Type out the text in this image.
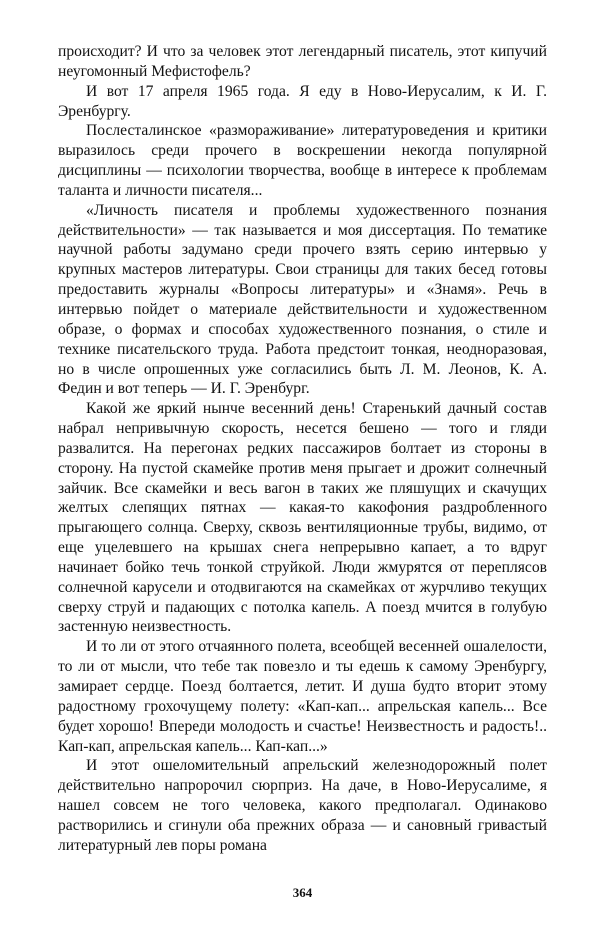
происходит? И что за человек этот легендарный писатель, этот кипучий неугомонный Мефистофель?

И вот 17 апреля 1965 года. Я еду в Ново-Иерусалим, к И. Г. Эренбургу.

Послесталинское «размораживание» литературоведения и критики выразилось среди прочего в воскрешении некогда популярной дисциплины — психологии творчества, вообще в интересе к проблемам таланта и личности писателя...

«Личность писателя и проблемы художественного познания действительности» — так называется и моя диссертация. По тематике научной работы задумано среди прочего взять серию интервью у крупных мастеров литературы. Свои страницы для таких бесед готовы предоставить журналы «Вопросы литературы» и «Знамя». Речь в интервью пойдет о материале действительности и художественном образе, о формах и способах художественного познания, о стиле и технике писательского труда. Работа предстоит тонкая, неодноразовая, но в числе опрошенных уже согласились быть Л. М. Леонов, К. А. Федин и вот теперь — И. Г. Эренбург.

Какой же яркий нынче весенний день! Старенький дачный состав набрал непривычную скорость, несется бешено — того и гляди развалится. На перегонах редких пассажиров болтает из стороны в сторону. На пустой скамейке против меня прыгает и дрожит солнечный зайчик. Все скамейки и весь вагон в таких же пляшущих и скачущих желтых слепящих пятнах — какая-то какофония раздробленного прыгающего солнца. Сверху, сквозь вентиляционные трубы, видимо, от еще уцелевшего на крышах снега непрерывно капает, а то вдруг начинает бойко течь тонкой струйкой. Люди жмурятся от переплясов солнечной карусели и отодвигаются на скамейках от журчливо текущих сверху струй и падающих с потолка капель. А поезд мчится в голубую застенную неизвестность.

И то ли от этого отчаянного полета, всеобщей весенней ошалелости, то ли от мысли, что тебе так повезло и ты едешь к самому Эренбургу, замирает сердце. Поезд болтается, летит. И душа будто вторит этому радостному грохочущему полету: «Кап-кап... апрельская капель... Все будет хорошо! Впереди молодость и счастье! Неизвестность и радость!.. Кап-кап, апрельская капель... Кап-кап...»

И этот ошеломительный апрельский железнодорожный полет действительно напророчил сюрприз. На даче, в Ново-Иерусалиме, я нашел совсем не того человека, какого предполагал. Одинаково растворились и сгинули оба прежних образа — и сановный гривастый литературный лев поры романа

364
